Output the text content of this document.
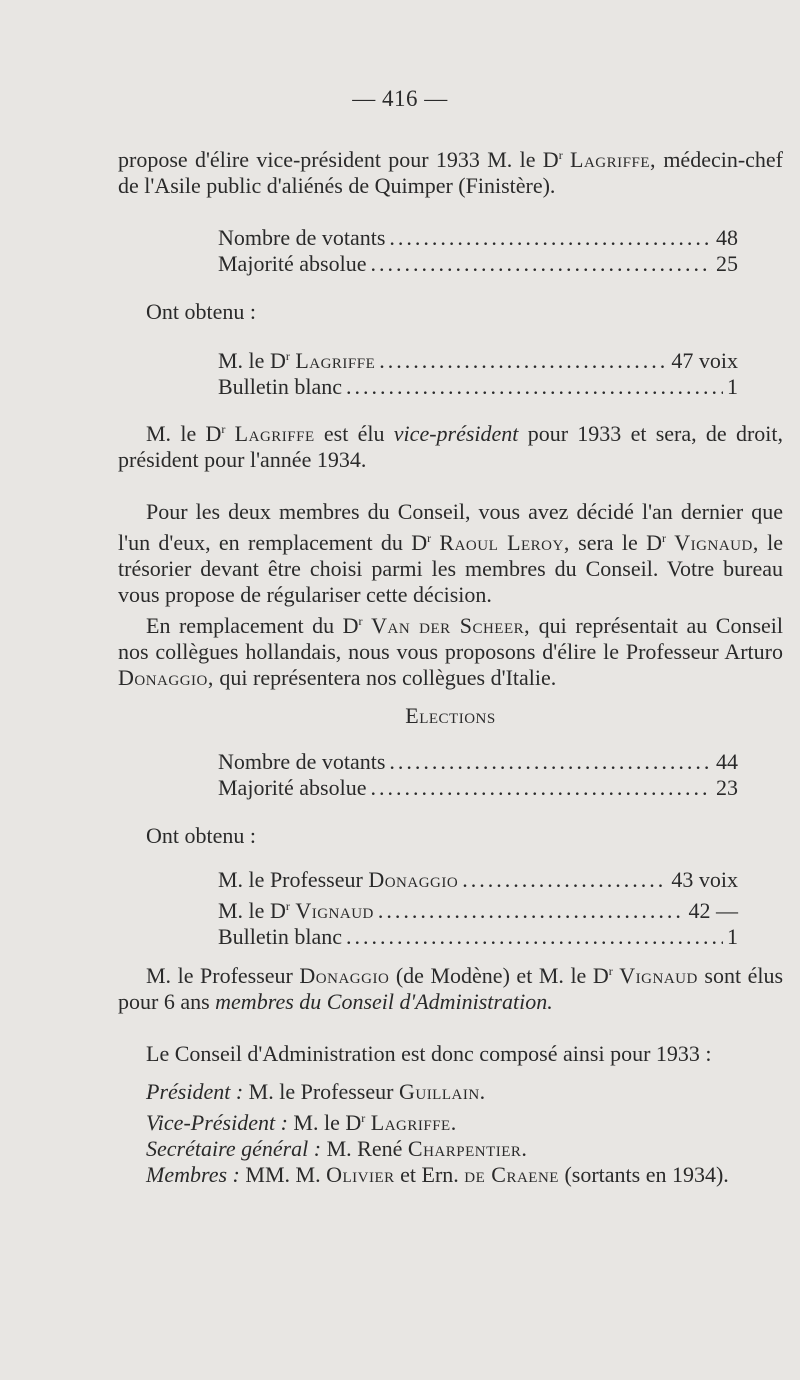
— 416 —
propose d'élire vice-président pour 1933 M. le $D^r$ Lagriffe, médecin-chef de l'Asile public d'aliénés de Quimper (Finistère).
Nombre de votants .....	48
Majorité absolue .....	25
Ont obtenu :
M. le $D^r$ Lagriffe .....	47 voix
Bulletin blanc .....	1
M. le $D^r$ Lagriffe est élu vice-président pour 1933 et sera, de droit, président pour l'année 1934.
Pour les deux membres du Conseil, vous avez décidé l'an dernier que l'un d'eux, en remplacement du $D^r$ Raoul Leroy, sera le $D^r$ Vignaud, le trésorier devant être choisi parmi les membres du Conseil. Votre bureau vous propose de régulariser cette décision.
En remplacement du $D^r$ Van der Scheer, qui représentait au Conseil nos collègues hollandais, nous vous proposons d'élire le Professeur Arturo Donaggio, qui représentera nos collègues d'Italie.
Elections
Nombre de votants .....	44
Majorité absolue .....	23
Ont obtenu :
M. le Professeur Donaggio .....	43 voix
M. le $D^r$ Vignaud .....	42 —
Bulletin blanc .....	1
M. le Professeur Donaggio (de Modène) et M. le $D^r$ Vignaud sont élus pour 6 ans membres du Conseil d'Administration.
Le Conseil d'Administration est donc composé ainsi pour 1933 :
Président : M. le Professeur Guillain.
Vice-Président : M. le $D^r$ Lagriffe.
Secrétaire général : M. René Charpentier.
Membres : MM. M. Olivier et Ern. de Craene (sortants en 1934).
